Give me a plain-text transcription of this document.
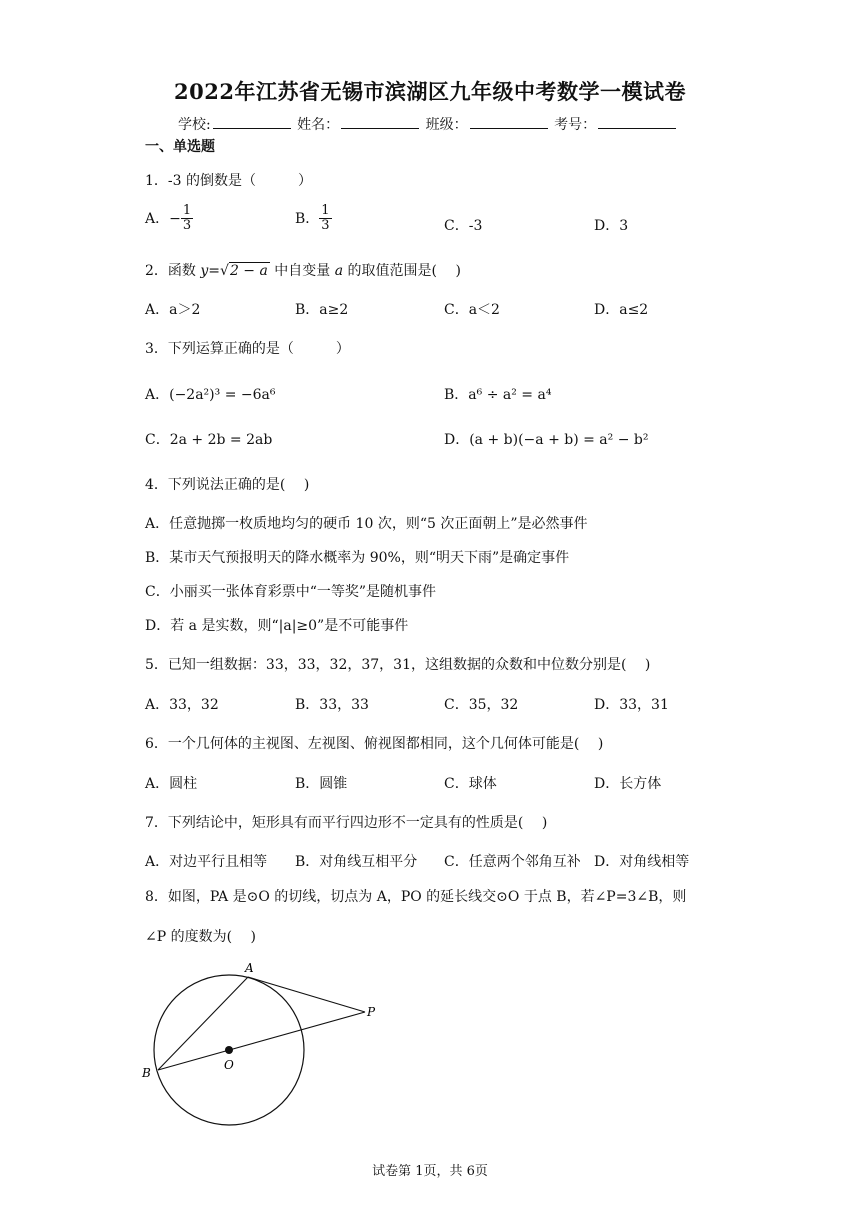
2022年江苏省无锡市滨湖区九年级中考数学一模试卷
学校:	姓名：	班级：	考号：
一、单选题
1．-3 的倒数是（　　　）
A．− $\frac{1}{3}$	B． $\frac{1}{3}$	C．-3	D．3
2．函数 y=√2 − a 中自变量 a 的取值范围是(　 )
A．a＞2	B．a≥2	C．a＜2	D．a≤2
3．下列运算正确的是（　　　）
A．(−2a²)³ = −6a⁶	B．a⁶ ÷ a² = a⁴
C．2a + 2b = 2ab	D．(a + b)(−a + b) = a² − b²
4．下列说法正确的是(　 )
A．任意抛掷一枚质地均匀的硬币 10 次，则“5 次正面朝上”是必然事件
B．某市天气预报明天的降水概率为 90%，则“明天下雨”是确定事件
C．小丽买一张体育彩票中“一等奖”是随机事件
D．若 a 是实数，则“|a|≥0”是不可能事件
5．已知一组数据：33，33，32，37，31，这组数据的众数和中位数分别是(　 )
A．33，32	B．33，33	C．35，32	D．33，31
6．一个几何体的主视图、左视图、俯视图都相同，这个几何体可能是(　 )
A．圆柱	B．圆锥	C．球体	D．长方体
7．下列结论中，矩形具有而平行四边形不一定具有的性质是(　 )
A．对边平行且相等 B．对角线互相平分 C．任意两个邻角互补 D．对角线相等
8．如图，PA 是⊙O 的切线，切点为 A，PO 的延长线交⊙O 于点 B，若∠P=3∠B，则
∠P 的度数为(　 )
A
P
B
O
试卷第 1页，共 6页
